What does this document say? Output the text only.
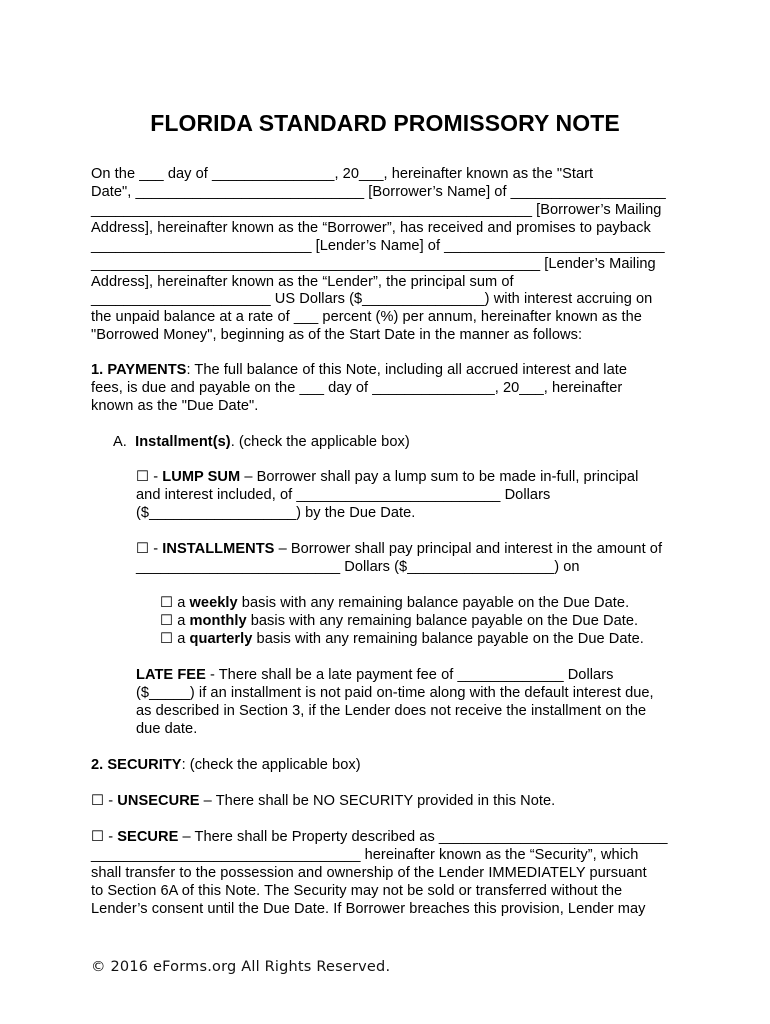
FLORIDA STANDARD PROMISSORY NOTE
On the ___ day of _______________, 20___, hereinafter known as the "Start
Date", ____________________________ [Borrower’s Name] of ___________________
______________________________________________________ [Borrower’s Mailing
Address], hereinafter known as the “Borrower”, has received and promises to payback
___________________________ [Lender’s Name] of ___________________________
_______________________________________________________ [Lender’s Mailing
Address], hereinafter known as the “Lender”, the principal sum of
______________________ US Dollars ($_______________) with interest accruing on
the unpaid balance at a rate of ___ percent (%) per annum, hereinafter known as the
"Borrowed Money", beginning as of the Start Date in the manner as follows:
1. PAYMENTS: The full balance of this Note, including all accrued interest and late
fees, is due and payable on the ___ day of _______________, 20___, hereinafter
known as the "Due Date".
A. Installment(s). (check the applicable box)
☐ - LUMP SUM – Borrower shall pay a lump sum to be made in-full, principal
and interest included, of _________________________ Dollars
($__________________) by the Due Date.
☐ - INSTALLMENTS – Borrower shall pay principal and interest in the amount of
_________________________ Dollars ($__________________) on
☐ a weekly basis with any remaining balance payable on the Due Date.
☐ a monthly basis with any remaining balance payable on the Due Date.
☐ a quarterly basis with any remaining balance payable on the Due Date.
LATE FEE - There shall be a late payment fee of _____________ Dollars
($_____) if an installment is not paid on-time along with the default interest due,
as described in Section 3, if the Lender does not receive the installment on the
due date.
2. SECURITY: (check the applicable box)
☐ - UNSECURE – There shall be NO SECURITY provided in this Note.
☐ - SECURE – There shall be Property described as ____________________________
_________________________________ hereinafter known as the “Security”, which
shall transfer to the possession and ownership of the Lender IMMEDIATELY pursuant
to Section 6A of this Note. The Security may not be sold or transferred without the
Lender’s consent until the Due Date. If Borrower breaches this provision, Lender may
© 2016 eForms.org All Rights Reserved.
